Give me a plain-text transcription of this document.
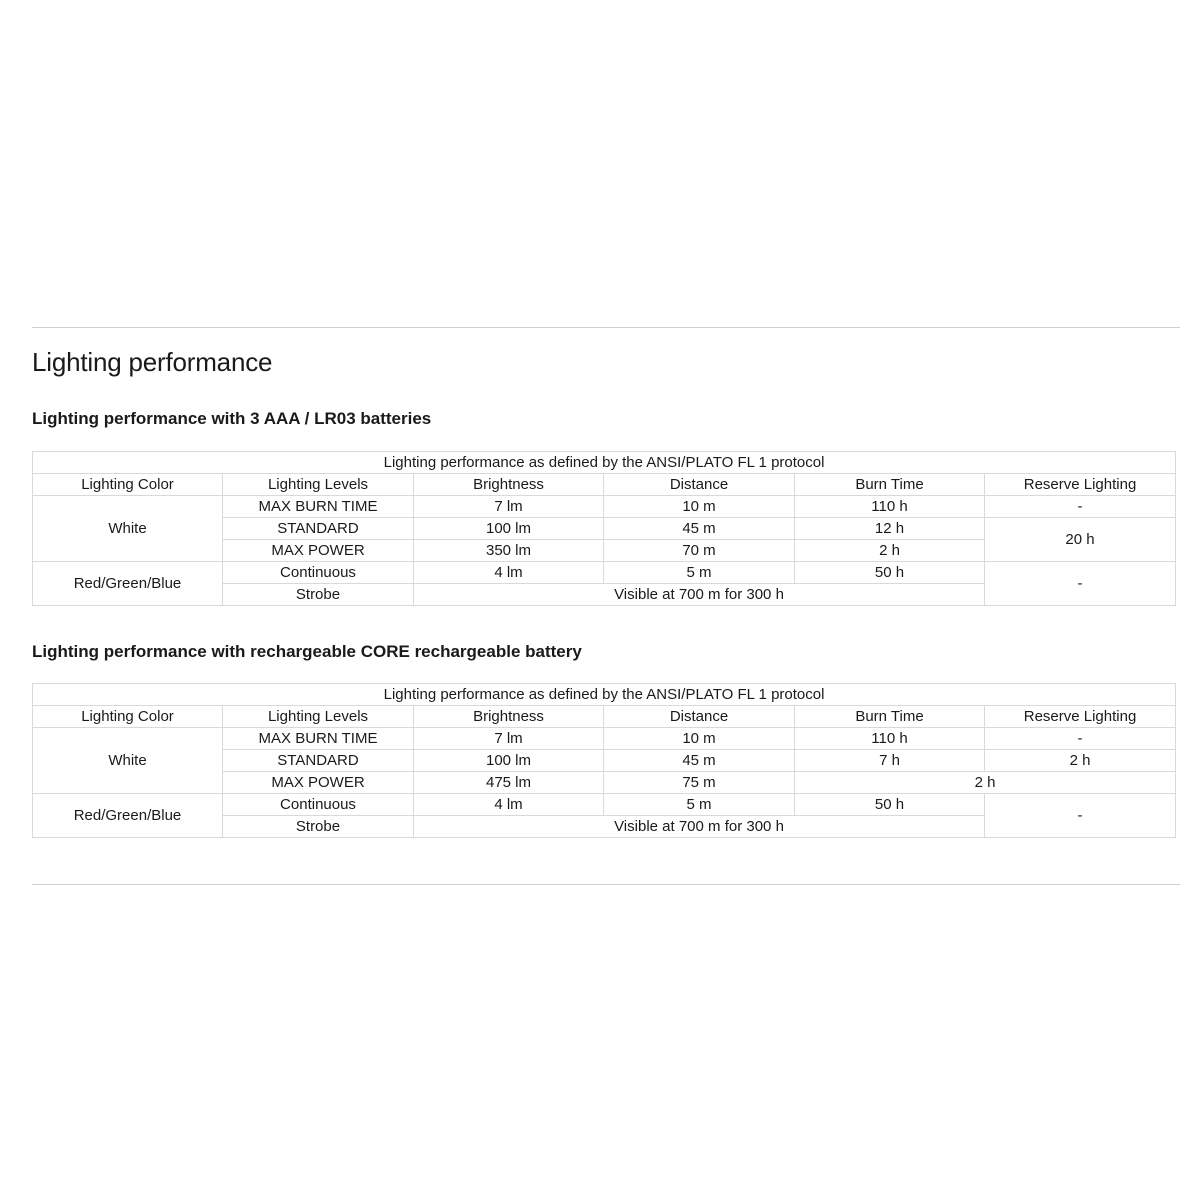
Lighting performance
Lighting performance with 3 AAA / LR03 batteries
Lighting performance as defined by the ANSI/PLATO FL 1 protocol					
Lighting Color	Lighting Levels	Brightness	Distance	Burn Time	Reserve Lighting
White	MAX BURN TIME	7 lm	10 m	110 h	-
	STANDARD	100 lm	45 m	12 h	20 h
	MAX POWER	350 lm	70 m	2 h	
Red/Green/Blue	Continuous	4 lm	5 m	50 h	-
	Strobe	Visible at 700 m for 300 h			
Lighting performance with rechargeable CORE rechargeable battery
Lighting performance as defined by the ANSI/PLATO FL 1 protocol					
Lighting Color	Lighting Levels	Brightness	Distance	Burn Time	Reserve Lighting
White	MAX BURN TIME	7 lm	10 m	110 h	-
	STANDARD	100 lm	45 m	7 h	2 h
	MAX POWER	475 lm	75 m	2 h	
Red/Green/Blue	Continuous	4 lm	5 m	50 h	-
	Strobe	Visible at 700 m for 300 h			
